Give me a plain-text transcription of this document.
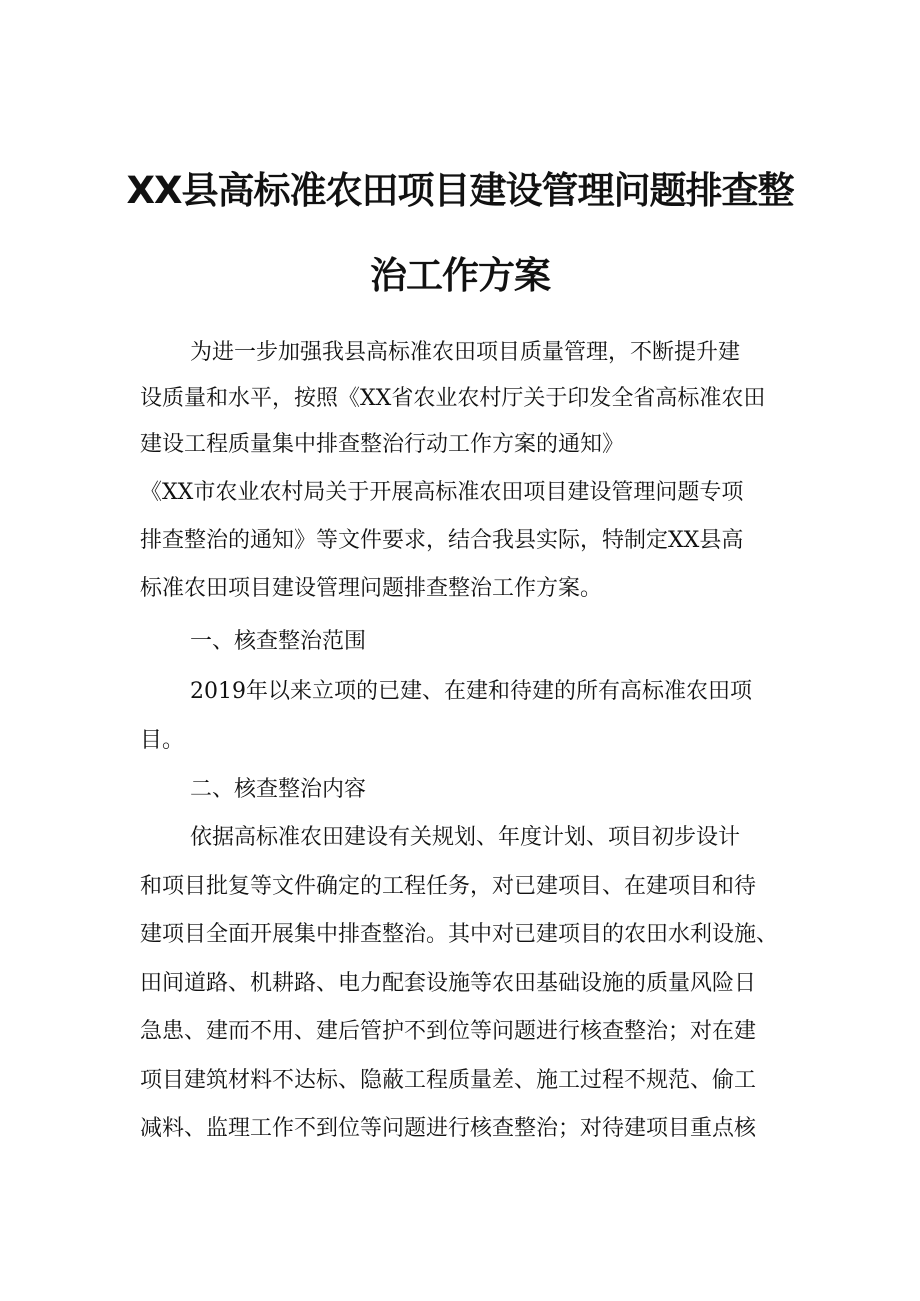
XX县高标准农田项目建设管理问题排查整
治工作方案

为进一步加强我县高标准农田项目质量管理，不断提升建

设质量和水平，按照《XX省农业农村厅关于印发全省高标准农田

建设工程质量集中排查整治行动工作方案的通知》

《XX市农业农村局关于开展高标准农田项目建设管理问题专项

排查整治的通知》等文件要求，结合我县实际，特制定XX县高

标准农田项目建设管理问题排查整治工作方案。

一、核查整治范围

2019年以来立项的已建、在建和待建的所有高标准农田项

目。

二、核查整治内容

依据高标准农田建设有关规划、年度计划、项目初步设计

和项目批复等文件确定的工程任务，对已建项目、在建项目和待

建项目全面开展集中排查整治。其中对已建项目的农田水利设施、

田间道路、机耕路、电力配套设施等农田基础设施的质量风险日

急患、建而不用、建后管护不到位等问题进行核查整治；对在建

项目建筑材料不达标、隐蔽工程质量差、施工过程不规范、偷工

减料、监理工作不到位等问题进行核查整治；对待建项目重点核
